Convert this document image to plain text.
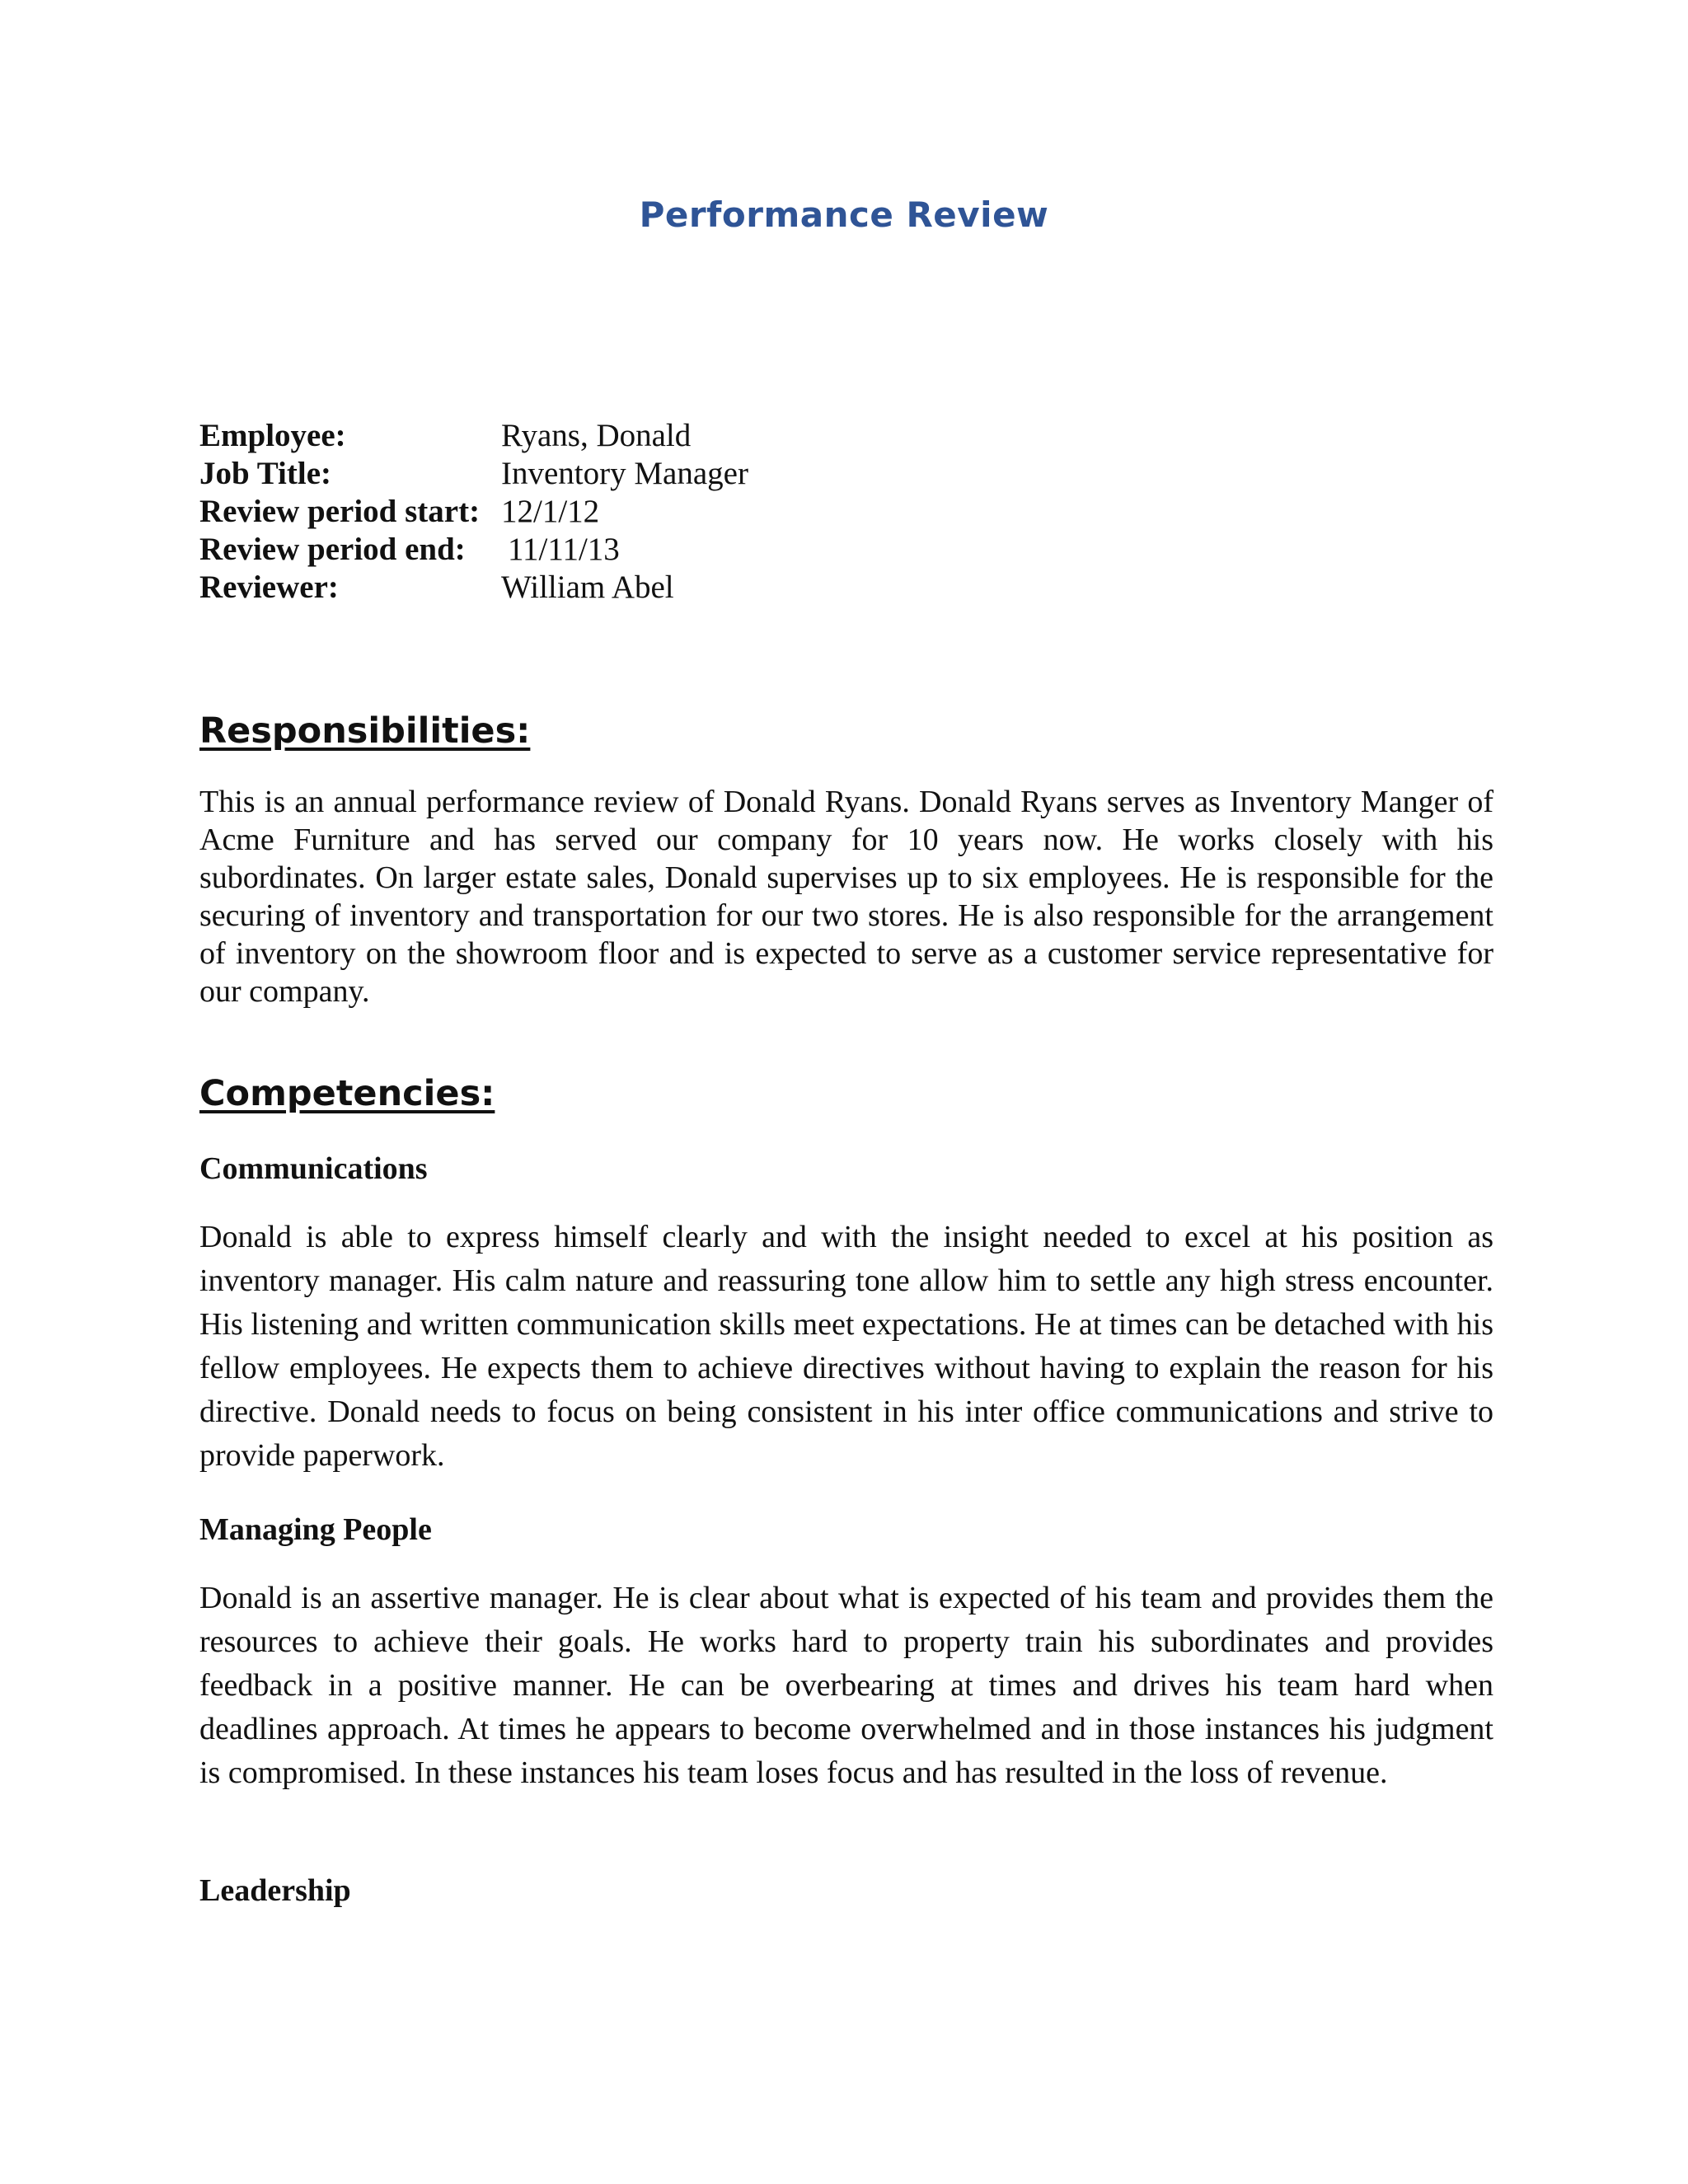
Performance Review
Employee:	Ryans, Donald
Job Title:	Inventory Manager
Review period start: 12/1/12
Review period end:	11/11/13
Reviewer:	William Abel
Responsibilities:

This is an annual performance review of Donald Ryans. Donald Ryans serves as Inventory Manger of Acme Furniture and has served our company for 10 years now. He works closely with his subordinates. On larger estate sales, Donald supervises up to six employees. He is responsible for the securing of inventory and transportation for our two stores. He is also responsible for the arrangement of inventory on the showroom floor and is expected to serve as a customer service representative for our company.

Competencies:
Communications

Donald is able to express himself clearly and with the insight needed to excel at his position as inventory manager. His calm nature and reassuring tone allow him to settle any high stress encounter. His listening and written communication skills meet expectations. He at times can be detached with his fellow employees. He expects them to achieve directives without having to explain the reason for his directive. Donald needs to focus on being consistent in his inter office communications and strive to provide paperwork.

Managing People

Donald is an assertive manager. He is clear about what is expected of his team and provides them the resources to achieve their goals. He works hard to property train his subordinates and provides feedback in a positive manner. He can be overbearing at times and drives his team hard when deadlines approach. At times he appears to become overwhelmed and in those instances his judgment is compromised. In these instances his team loses focus and has resulted in the loss of revenue.

Leadership
